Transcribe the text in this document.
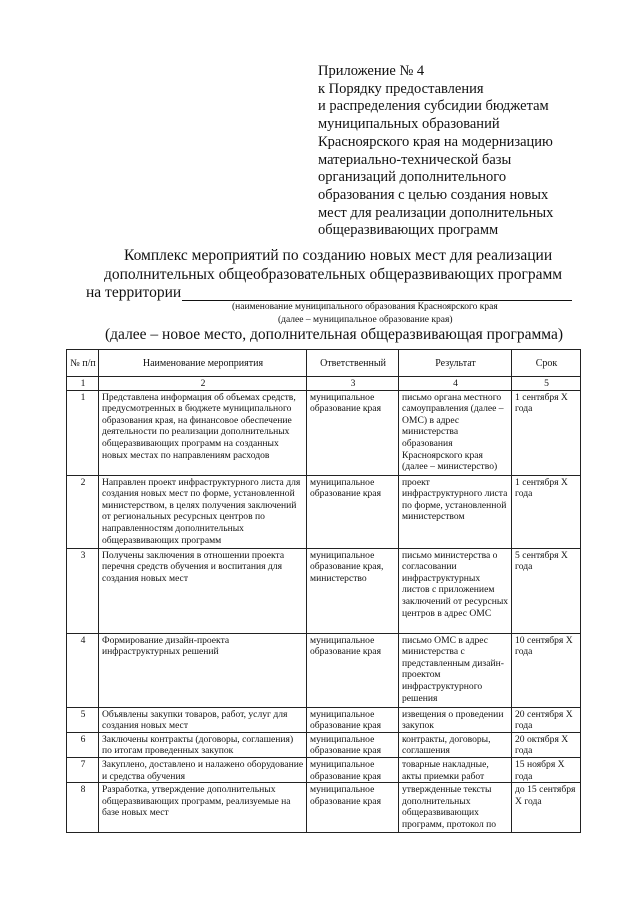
Приложение № 4
к Порядку предоставления
и распределения субсидии бюджетам
муниципальных образований
Красноярского края на модернизацию
материально-технической базы
организаций дополнительного
образования с целью создания новых
мест для реализации дополнительных
общеразвивающих программ
Комплекс мероприятий по созданию новых мест для реализации
дополнительных общеобразовательных общеразвивающих программ
на территории
(наименование муниципального образования Красноярского края
(далее – муниципальное образование края)
(далее – новое место, дополнительная общеразвивающая программа)
№ п/п	Наименование мероприятия	Ответственный	Результат	Срок
1	2	3	4	5
1	Представлена информация об объемах средств, предусмотренных в бюджете муниципального образования края, на финансовое обеспечение деятельности по реализации дополнительных общеразвивающих программ на созданных новых местах по направлениям расходов	муниципальное образование края	письмо органа местного самоуправления (далее – ОМС) в адрес министерства образования Красноярского края (далее – министерство)	1 сентября Х года
2	Направлен проект инфраструктурного листа для создания новых мест по форме, установленной министерством, в целях получения заключений от региональных ресурсных центров по направленностям дополнительных общеразвивающих программ	муниципальное образование края	проект инфраструктурного листа по форме, установленной министерством	1 сентября Х года
3	Получены заключения в отношении проекта перечня средств обучения и воспитания для создания новых мест	муниципальное образование края, министерство	письмо министерства о согласовании инфраструктурных листов с приложением заключений от ресурсных центров в адрес ОМС	5 сентября Х года
4	Формирование дизайн-проекта инфраструктурных решений	муниципальное образование края	письмо ОМС в адрес министерства с представленным дизайн-проектом инфраструктурного решения	10 сентября Х года
5	Объявлены закупки товаров, работ, услуг для создания новых мест	муниципальное образование края	извещения о проведении закупок	20 сентября Х года
6	Заключены контракты (договоры, соглашения) по итогам проведенных закупок	муниципальное образование края	контракты, договоры, соглашения	20 октября Х года
7	Закуплено, доставлено и налажено оборудование и средства обучения	муниципальное образование края	товарные накладные, акты приемки работ	15 ноября Х года
8	Разработка, утверждение дополнительных общеразвивающих программ, реализуемые на базе новых мест	муниципальное образование края	утвержденные тексты дополнительных общеразвивающих программ, протокол по	до 15 сентября Х года
